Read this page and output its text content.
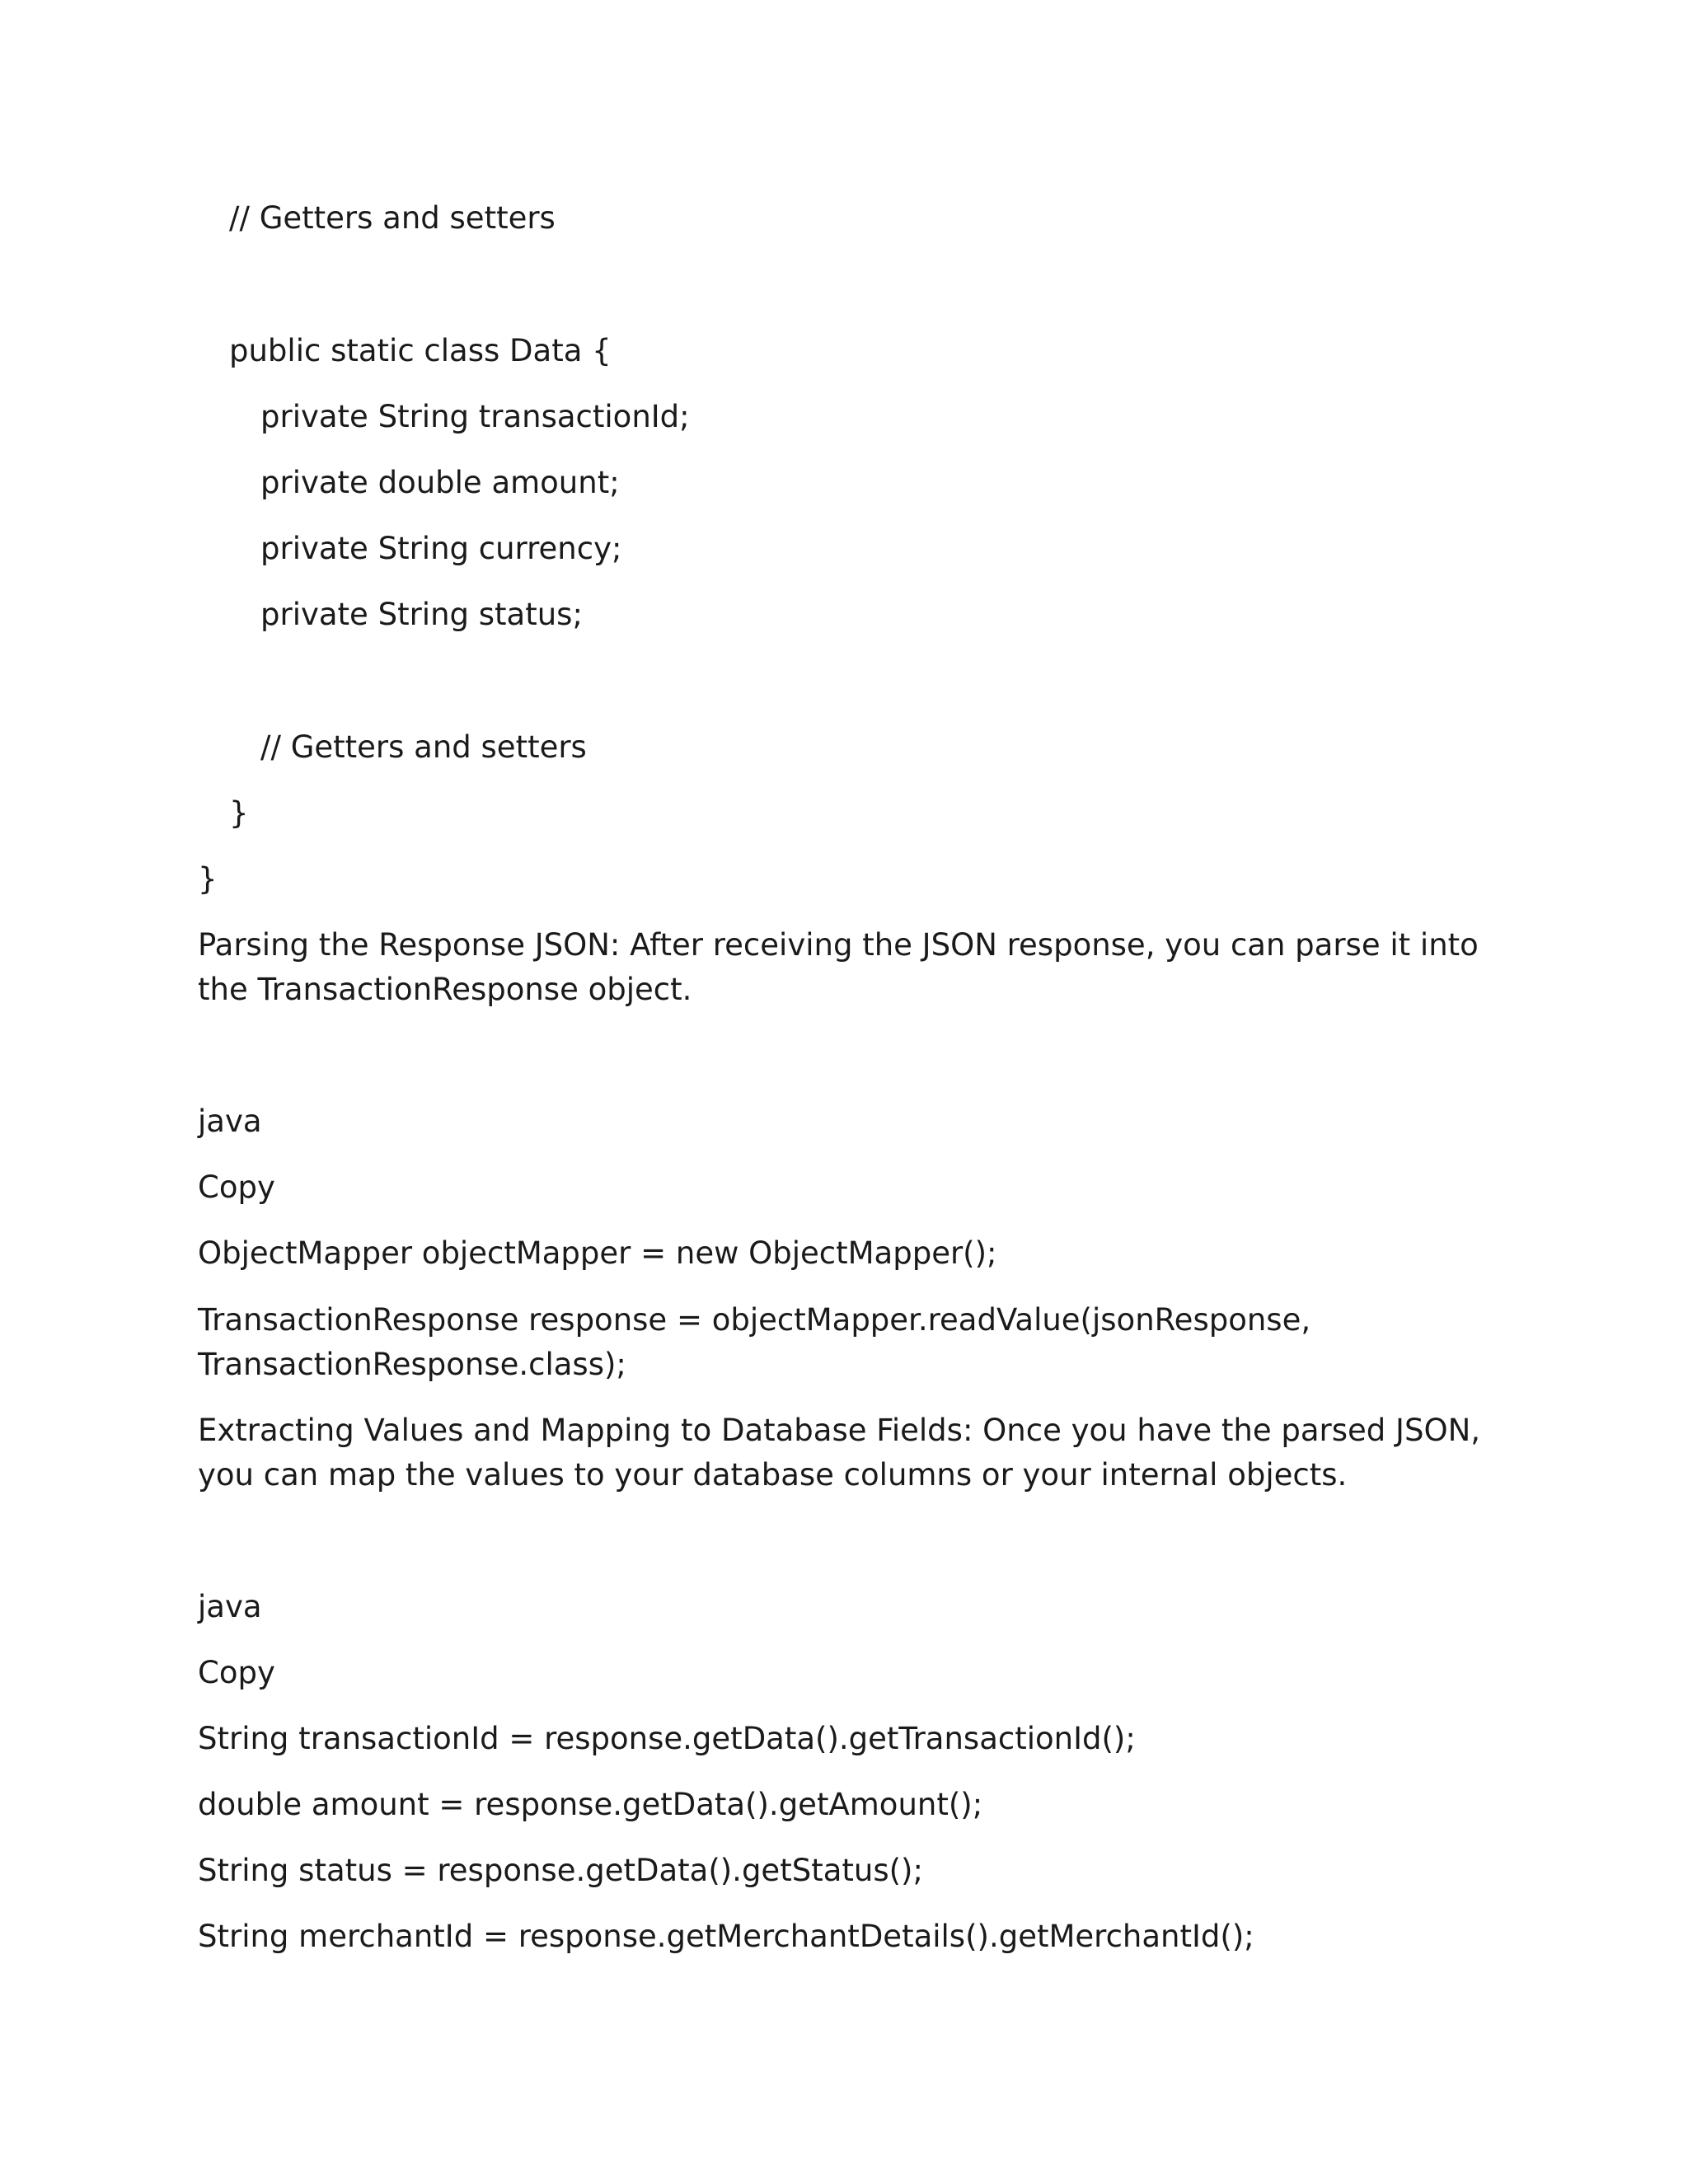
// Getters and setters

public static class Data {

private String transactionId;

private double amount;

private String currency;

private String status;

// Getters and setters

}

}

Parsing the Response JSON: After receiving the JSON response, you can parse it into the TransactionResponse object.

java

Copy

ObjectMapper objectMapper = new ObjectMapper();

TransactionResponse response = objectMapper.readValue(jsonResponse, TransactionResponse.class);

Extracting Values and Mapping to Database Fields: Once you have the parsed JSON, you can map the values to your database columns or your internal objects.

java

Copy

String transactionId = response.getData().getTransactionId();

double amount = response.getData().getAmount();

String status = response.getData().getStatus();

String merchantId = response.getMerchantDetails().getMerchantId();
